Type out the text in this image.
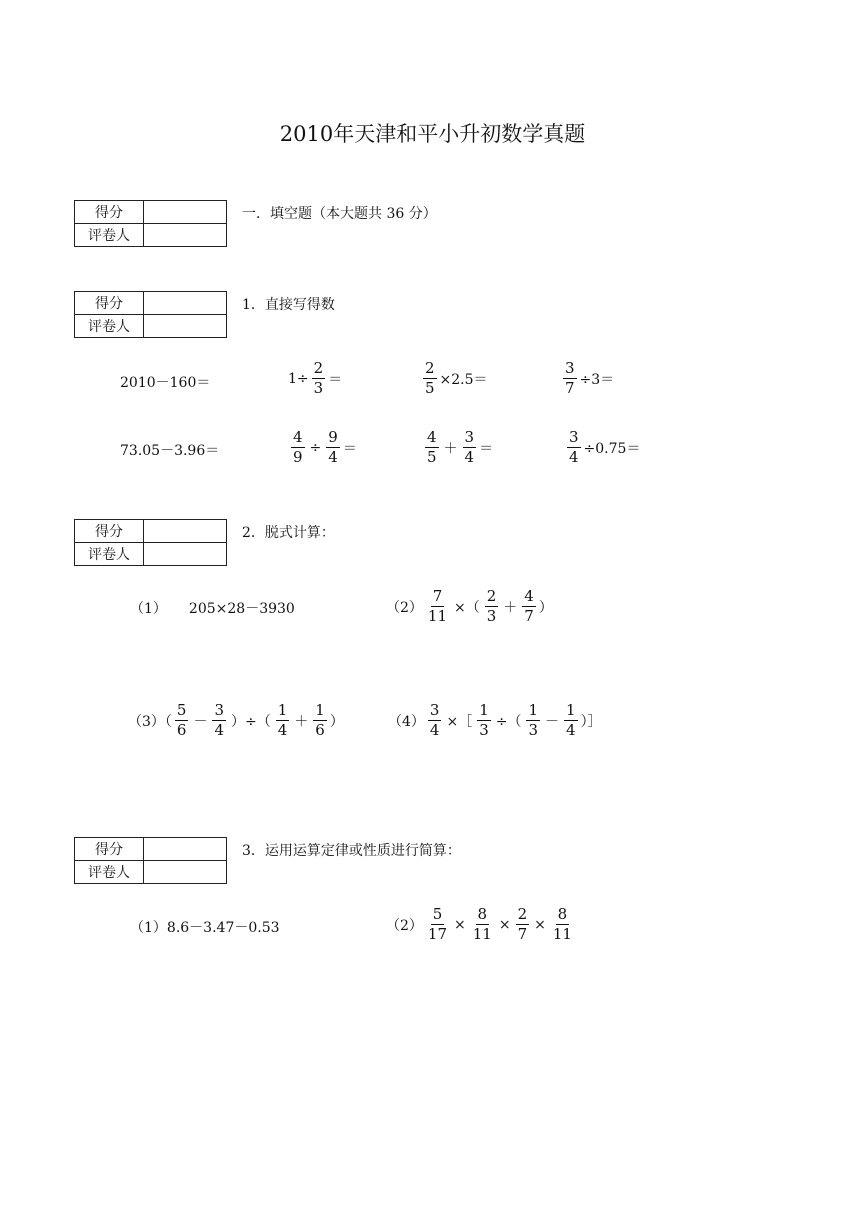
2010年天津和平小升初数学真题
得分	
评卷人	
一．填空题（本大题共 36 分）
得分	
评卷人	
1．直接写得数
2010－160＝	$1\div \frac{2}{3}$ ＝	$\frac{2}{5} \times 2.5=$	$\frac{3}{7} \div 3=$
73.05－3.96＝	$\frac{4}{9} \div \frac{9}{4}$ ＝	$\frac{4}{5} + \frac{3}{4}$ ＝	$\frac{3}{4} \div 0.75=$
得分	
评卷人	
2．脱式计算：
（1） 205×28－3930	$(2) \frac{7}{11}$ ×（ $\frac{2}{3} + \frac{4}{7}$ ）
$(3)( \frac{5}{6} - \frac{3}{4}$ ）÷（ $\frac{1}{4} + \frac{1}{6}$ ）	$(4) \frac{3}{4}$ ×［ $\frac{1}{3}$ ÷（ $\frac{1}{3} - \frac{1}{4}$ ）］
得分	
评卷人	
3．运用运算定律或性质进行简算：
（1） 8.6－3.47－0.53	$(2) \frac{5}{17} \times \frac{8}{11} \times \frac{2}{7} \times \frac{8}{11}$
